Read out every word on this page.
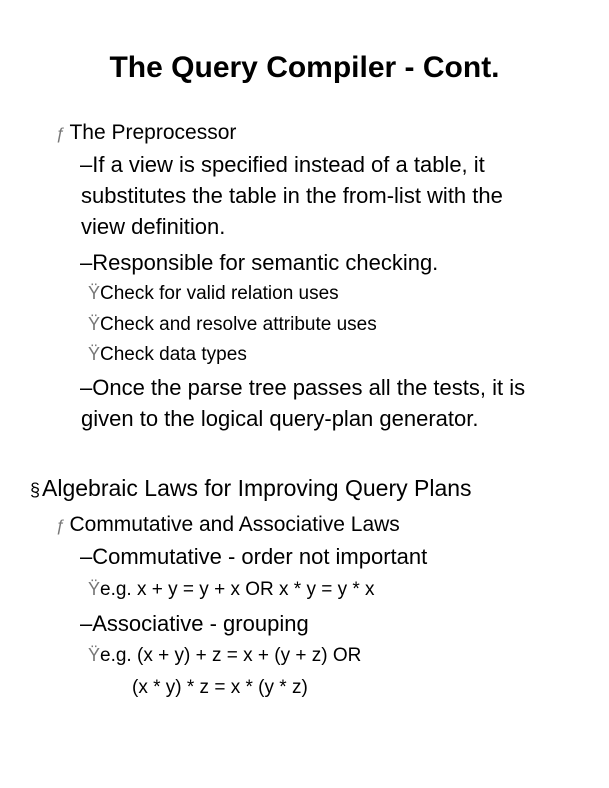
The Query Compiler - Cont.
ƒ The Preprocessor
–If a view is specified instead of a table, it
substitutes the table in the from-list with the
view definition.
–Responsible for semantic checking.
ŸCheck for valid relation uses
ŸCheck and resolve attribute uses
ŸCheck data types
–Once the parse tree passes all the tests, it is
given to the logical query-plan generator.
§Algebraic Laws for Improving Query Plans
ƒ Commutative and Associative Laws
–Commutative - order not important
Ÿe.g. x + y = y + x OR x * y = y * x
–Associative - grouping
Ÿe.g. (x + y) + z = x + (y + z) OR
(x * y) * z = x * (y * z)
